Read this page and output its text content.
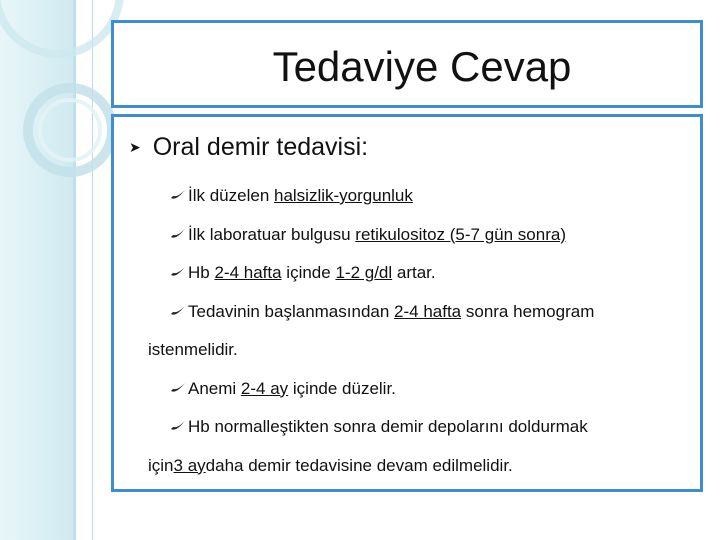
Tedaviye Cevap
➤ Oral demir tedavisi:
İlk düzelen halsizlik-yorgunluk
İlk laboratuar bulgusu retikulositoz (5-7 gün sonra)
Hb 2-4 hafta içinde 1-2 g/dl artar.
Tedavinin başlanmasından 2-4 hafta sonra hemogram
istenmelidir.
Anemi 2-4 ay içinde düzelir.
Hb normalleştikten sonra demir depolarını doldurmak
için 3 ay daha demir tedavisine devam edilmelidir.
